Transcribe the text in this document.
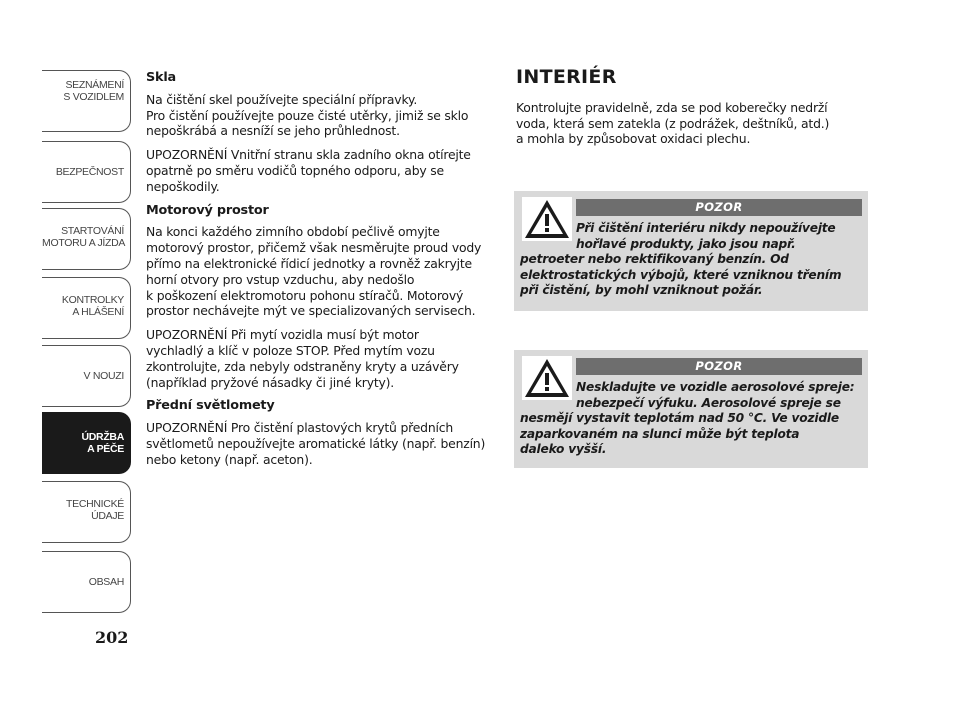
SEZNÁMENÍ
S VOZIDLEM
BEZPEČNOST
STARTOVÁNÍ
MOTORU A JÍZDA
KONTROLKY
A HLÁŠENÍ
V NOUZI
ÚDRŽBA
A PÉČE
TECHNICKÉ
ÚDAJE
OBSAH
202
Skla

Na čištění skel používejte speciální přípravky.
Pro čistění používejte pouze čisté utěrky, jimiž se sklo
nepoškrábá a nesníží se jeho průhlednost.

UPOZORNĚNÍ Vnitřní stranu skla zadního okna otírejte
opatrně po směru vodičů topného odporu, aby se
nepoškodily.

Motorový prostor

Na konci každého zimního období pečlivě omyjte
motorový prostor, přičemž však nesměrujte proud vody
přímo na elektronické řídicí jednotky a rovněž zakryjte
horní otvory pro vstup vzduchu, aby nedošlo
k poškození elektromotoru pohonu stíračů. Motorový
prostor nechávejte mýt ve specializovaných servisech.

UPOZORNĚNÍ Při mytí vozidla musí být motor
vychladlý a klíč v poloze STOP. Před mytím vozu
zkontrolujte, zda nebyly odstraněny kryty a uzávěry
(například pryžové násadky či jiné kryty).

Přední světlomety

UPOZORNĚNÍ Pro čistění plastových krytů předních
světlometů nepoužívejte aromatické látky (např. benzín)
nebo ketony (např. aceton).

INTERIÉR

Kontrolujte pravidelně, zda se pod koberečky nedrží
voda, která sem zatekla (z podrážek, deštníků, atd.)
a mohla by způsobovat oxidaci plechu.

POZOR
Při čištění interiéru nikdy nepoužívejte
hořlavé produkty, jako jsou např.
petroeter nebo rektifikovaný benzín. Od
elektrostatických výbojů, které vzniknou třením
při čistění, by mohl vzniknout požár.
POZOR
Neskladujte ve vozidle aerosolové spreje:
nebezpečí výfuku. Aerosolové spreje se
nesmějí vystavit teplotám nad 50 °C. Ve vozidle
zaparkovaném na slunci může být teplota
daleko vyšší.
